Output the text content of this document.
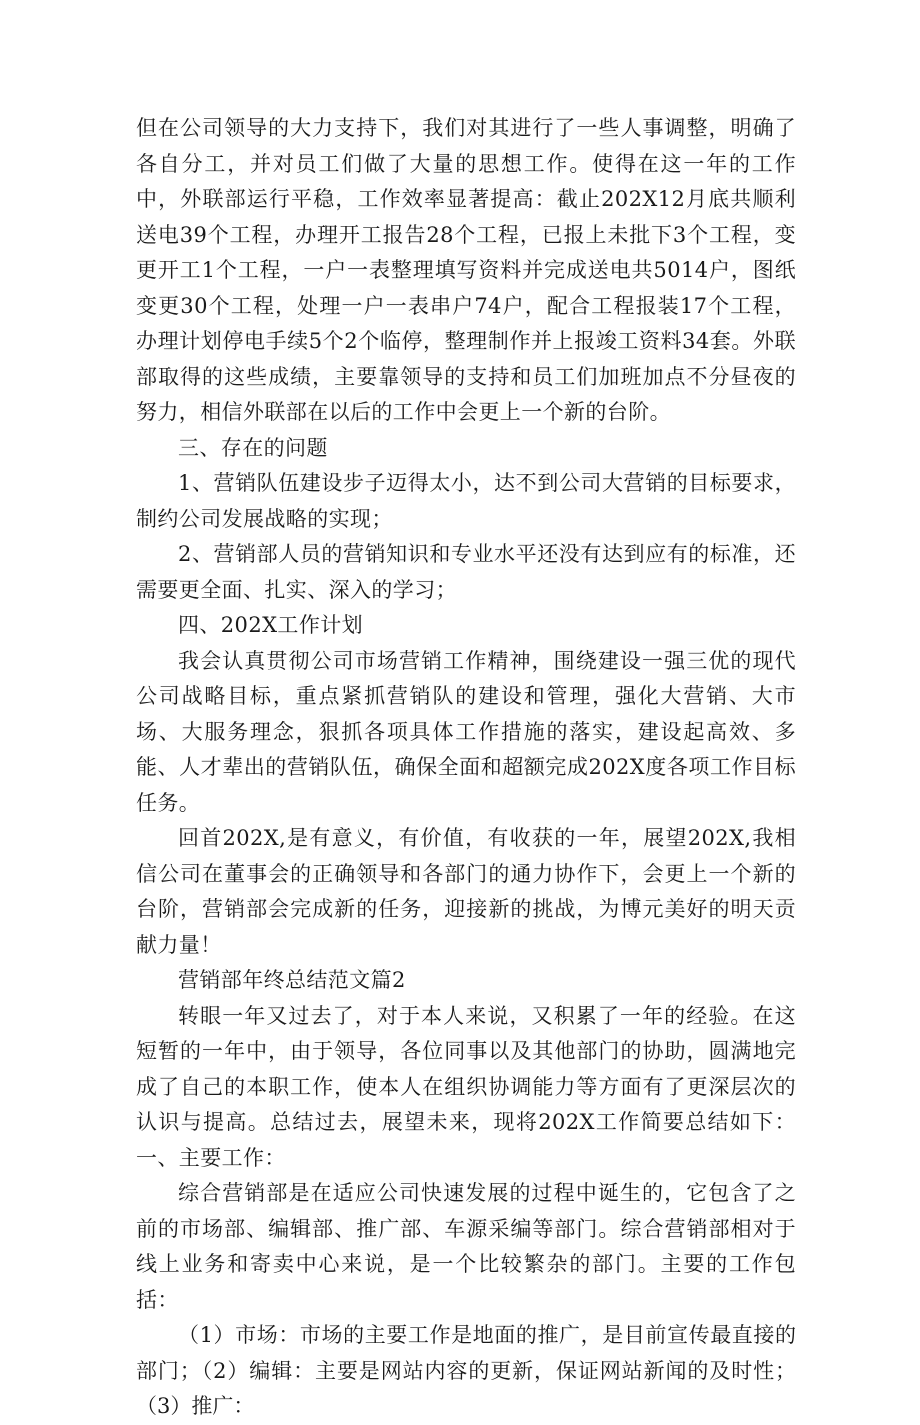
但在公司领导的大力支持下，我们对其进行了一些人事调整，明确了各自分工，并对员工们做了大量的思想工作。使得在这一年的工作中，外联部运行平稳，工作效率显著提高：截止202X12月底共顺利送电39个工程，办理开工报告28个工程，已报上未批下3个工程，变更开工1个工程，一户一表整理填写资料并完成送电共5014户，图纸变更30个工程，处理一户一表串户74户，配合工程报装17个工程，办理计划停电手续5个2个临停，整理制作并上报竣工资料34套。外联部取得的这些成绩，主要靠领导的支持和员工们加班加点不分昼夜的努力，相信外联部在以后的工作中会更上一个新的台阶。

三、存在的问题

1、营销队伍建设步子迈得太小，达不到公司大营销的目标要求，制约公司发展战略的实现；

2、营销部人员的营销知识和专业水平还没有达到应有的标准，还需要更全面、扎实、深入的学习；

四、202X工作计划

我会认真贯彻公司市场营销工作精神，围绕建设一强三优的现代公司战略目标，重点紧抓营销队的建设和管理，强化大营销、大市场、大服务理念，狠抓各项具体工作措施的落实，建设起高效、多能、人才辈出的营销队伍，确保全面和超额完成202X度各项工作目标任务。

回首202X,是有意义，有价值，有收获的一年，展望202X,我相信公司在董事会的正确领导和各部门的通力协作下，会更上一个新的台阶，营销部会完成新的任务，迎接新的挑战，为博元美好的明天贡献力量！

营销部年终总结范文篇2

转眼一年又过去了，对于本人来说，又积累了一年的经验。在这短暂的一年中，由于领导，各位同事以及其他部门的协助，圆满地完成了自己的本职工作，使本人在组织协调能力等方面有了更深层次的认识与提高。总结过去，展望未来，现将202X工作简要总结如下：一、主要工作：

综合营销部是在适应公司快速发展的过程中诞生的，它包含了之前的市场部、编辑部、推广部、车源采编等部门。综合营销部相对于线上业务和寄卖中心来说，是一个比较繁杂的部门。主要的工作包括：

（1）市场：市场的主要工作是地面的推广，是目前宣传最直接的部门；（2）编辑：主要是网站内容的更新，保证网站新闻的及时性；（3）推广：
